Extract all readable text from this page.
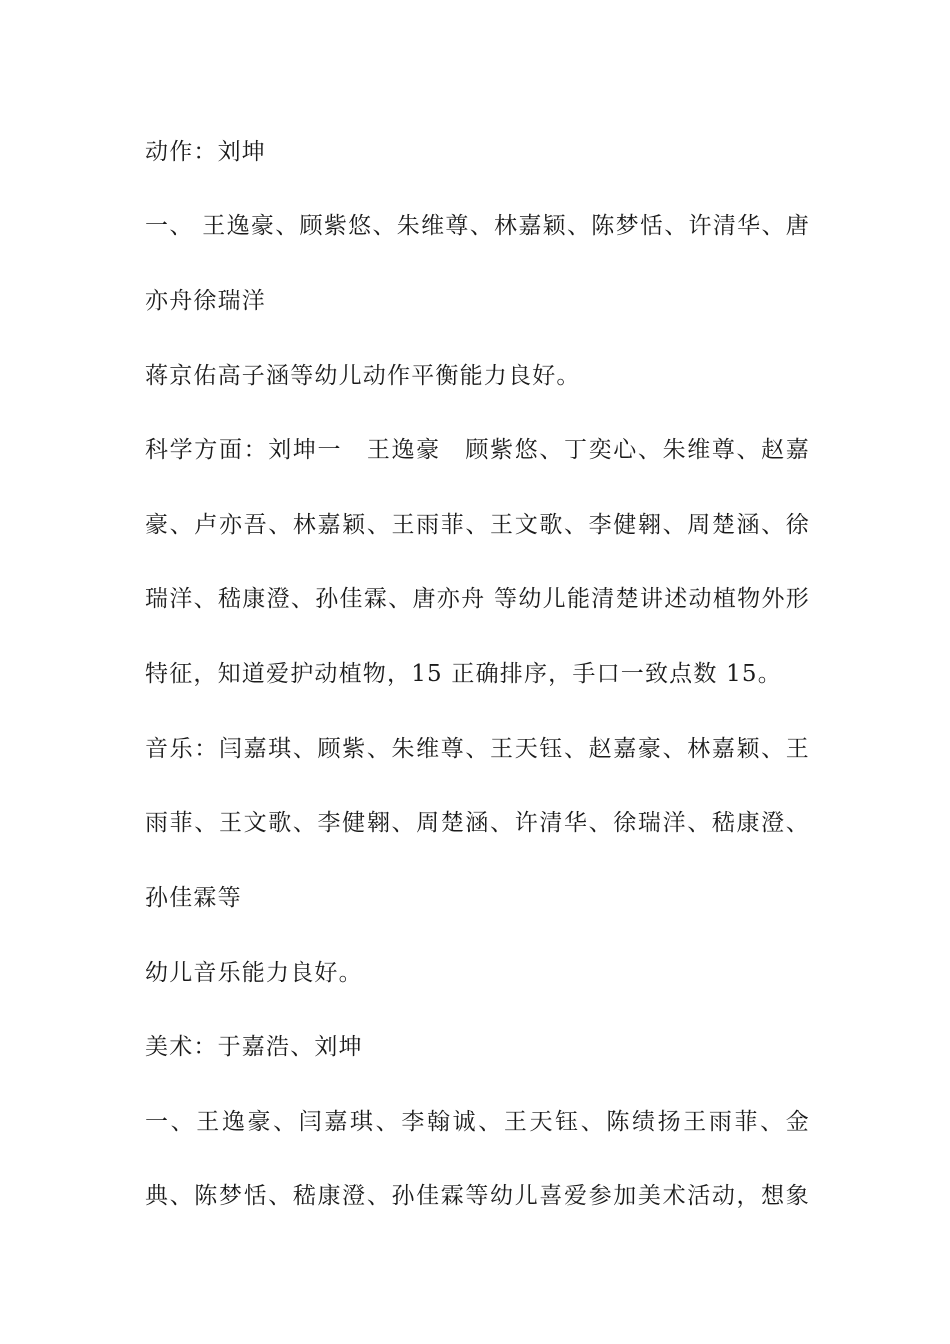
动作：刘坤
一、 王逸豪、顾紫悠、朱维尊、林嘉颖、陈梦恬、许清华、唐
亦舟徐瑞洋
蒋京佑高子涵等幼儿动作平衡能力良好。
科学方面：刘坤一　王逸豪　顾紫悠、丁奕心、朱维尊、赵嘉
豪、卢亦吾、林嘉颖、王雨菲、王文歌、李健翱、周楚涵、徐
瑞洋、嵇康澄、孙佳霖、唐亦舟 等幼儿能清楚讲述动植物外形
特征，知道爱护动植物，15 正确排序，手口一致点数 15。
音乐：闫嘉琪、顾紫、朱维尊、王天钰、赵嘉豪、林嘉颖、王
雨菲、王文歌、李健翱、周楚涵、许清华、徐瑞洋、嵇康澄、
孙佳霖等
幼儿音乐能力良好。
美术：于嘉浩、刘坤
一、王逸豪、闫嘉琪、李翰诚、王天钰、陈绩扬王雨菲、金
典、陈梦恬、嵇康澄、孙佳霖等幼儿喜爱参加美术活动，想象
